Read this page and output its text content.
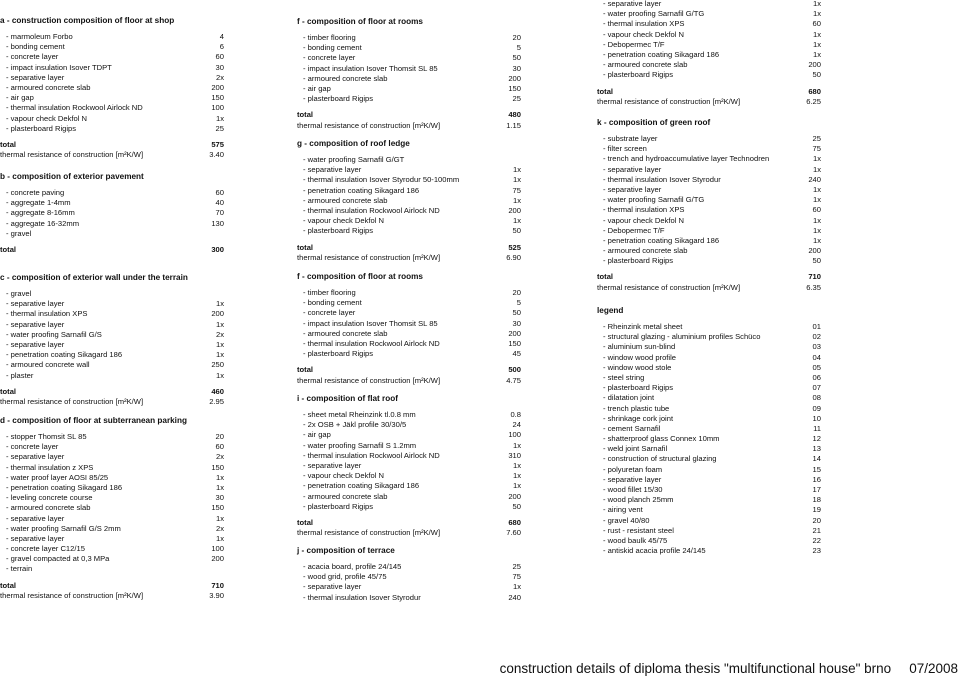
a - construction composition of floor at shop
- marmoleum Forbo	4
- bonding cement	6
- concrete layer	60
- impact insulation Isover TDPT	30
- separative layer	2x
- armoured concrete slab	200
- air gap	150
- thermal insulation Rockwool Airlock ND	100
- vapour check Dekfol N	1x
- plasterboard Rigips	25
total	575
thermal resistance of construction [m²K/W]	3.40
b - composition of exterior pavement
- concrete paving	60
- aggregate 1-4mm	40
- aggregate 8-16mm	70
- aggregate 16-32mm	130
- gravel
total	300
c - composition of exterior wall under the terrain
- gravel
- separative layer	1x
- thermal insulation XPS	200
- separative layer	1x
- water proofing Sarnafil G/S	2x
- separative layer	1x
- penetration coating Sikagard 186	1x
- armoured concrete wall	250
- plaster	1x
total	460
thermal resistance of construction [m²K/W]	2.95
d - composition of floor at subterranean parking
- stopper Thomsit SL 85	20
- concrete layer	60
- separative layer	2x
- thermal insulation z XPS	150
- water proof layer AOSI 85/25	1x
- penetration coating Sikagard 186	1x
- leveling concrete course	30
- armoured concrete slab	150
- separative layer	1x
- water proofing Sarnafil G/S 2mm	2x
- separative layer	1x
- concrete layer C12/15	100
- gravel compacted at 0,3 MPa	200
- terrain
total	710
thermal resistance of construction [m²K/W]	3.90
f - composition of floor at rooms
- timber flooring	20
- bonding cement	5
- concrete layer	50
- impact insulation Isover Thomsit SL 85	30
- armoured concrete slab	200
- air gap	150
- plasterboard Rigips	25
total	480
thermal resistance of construction [m²K/W]	1.15
g - composition of roof ledge
- water proofing Sarnafil G/GT
- separative layer	1x
- thermal insulation Isover Styrodur 50-100mm	1x
- penetration coating Sikagard 186	75
- armoured concrete slab	1x
- thermal insulation Rockwool Airlock ND	200
- vapour check Dekfol N	1x
- plasterboard Rigips	50
total	525
thermal resistance of construction [m²K/W]	6.90
f - composition of floor at rooms
- timber flooring	20
- bonding cement	5
- concrete layer	50
- impact insulation Isover Thomsit SL 85	30
- armoured concrete slab	200
- thermal insulation Rockwool Airlock ND	150
- plasterboard Rigips	45
total	500
thermal resistance of construction [m²K/W]	4.75
i - composition of flat roof
- sheet metal Rheinzink tl.0.8 mm	0.8
- 2x OSB + Jäkl profile 30/30/5	24
- air gap	100
- water proofing Sarnafil S 1.2mm	1x
- thermal insulation Rockwool Airlock ND	310
- separative layer	1x
- vapour check Dekfol N	1x
- penetration coating Sikagard 186	1x
- armoured concrete slab	200
- plasterboard Rigips	50
total	680
thermal resistance of construction [m²K/W]	7.60
j - composition of terrace
- acacia board, profile 24/145	25
- wood grid, profile 45/75	75
- separative layer	1x
- thermal insulation Isover Styrodur	240
- separative layer	1x
- water proofing Sarnafil G/TG	1x
- thermal insulation XPS	60
- vapour check Dekfol N	1x
- Debopermec T/F	1x
- penetration coating Sikagard 186	1x
- armoured concrete slab	200
- plasterboard Rigips	50
total	680
thermal resistance of construction [m²K/W]	6.25
k - composition of green roof
- substrate layer	25
- filter screen	75
- trench and hydroaccumulative layer Technodren	1x
- separative layer	1x
- thermal insulation Isover Styrodur	240
- separative layer	1x
- water proofing Sarnafil G/TG	1x
- thermal insulation XPS	60
- vapour check Dekfol N	1x
- Debopermec T/F	1x
- penetration coating Sikagard 186	1x
- armoured concrete slab	200
- plasterboard Rigips	50
total	710
thermal resistance of construction [m²K/W]	6.35
legend
- Rheinzink metal sheet	01
- structural glazing - aluminium profiles Schüco	02
- aluminium sun-blind	03
- window wood profile	04
- window wood stole	05
- steel string	06
- plasterboard Rigips	07
- dilatation joint	08
- trench plastic tube	09
- shrinkage cork joint	10
- cement Sarnafil	11
- shatterproof glass Connex 10mm	12
- weld joint Sarnafil	13
- construction of structural glazing	14
- polyuretan foam	15
- separative layer	16
- wood fillet 15/30	17
- wood planch 25mm	18
- airing vent	19
- gravel 40/80	20
- rust - resistant steel	21
- wood baulk 45/75	22
- antiskid acacia profile 24/145	23
construction details of diploma thesis "multifunctional house" brno 07/2008
